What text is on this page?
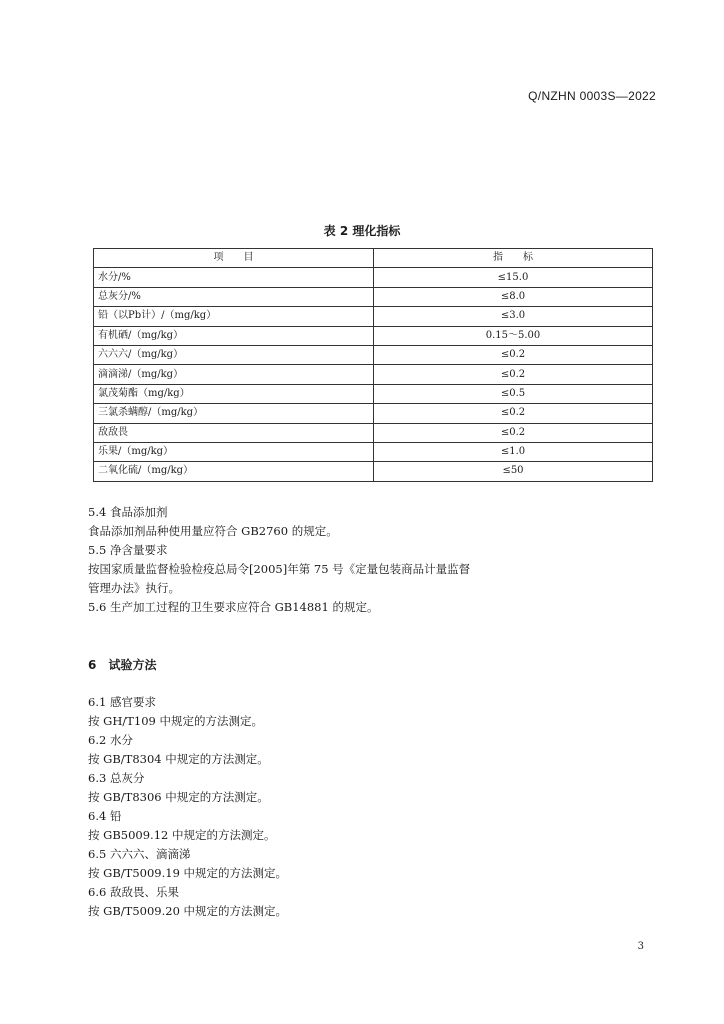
Q/NZHN 0003S—2022
表 2 理化指标
项　　目	指　　标
水分/%	≤15.0
总灰分/%	≤8.0
铅（以Pb计）/（mg/kg）	≤3.0
有机硒/（mg/kg）	0.15～5.00
六六六/（mg/kg）	≤0.2
滴滴涕/（mg/kg）	≤0.2
氯茂菊酯（mg/kg）	≤0.5
三氯杀螨醇/（mg/kg）	≤0.2
敌敌畏	≤0.2
乐果/（mg/kg）	≤1.0
二氧化硫/（mg/kg）	≤50
5.4 食品添加剂
食品添加剂品种使用量应符合 GB2760 的规定。
5.5 净含量要求
按国家质量监督检验检疫总局令[2005]年第 75 号《定量包装商品计量监督
管理办法》执行。
5.6 生产加工过程的卫生要求应符合 GB14881 的规定。
6 试验方法
6.1 感官要求
按 GH/T109 中规定的方法测定。
6.2 水分
按 GB/T8304 中规定的方法测定。
6.3 总灰分
按 GB/T8306 中规定的方法测定。
6.4 铅
按 GB5009.12 中规定的方法测定。
6.5 六六六、滴滴涕
按 GB/T5009.19 中规定的方法测定。
6.6 敌敌畏、乐果
按 GB/T5009.20 中规定的方法测定。
3
